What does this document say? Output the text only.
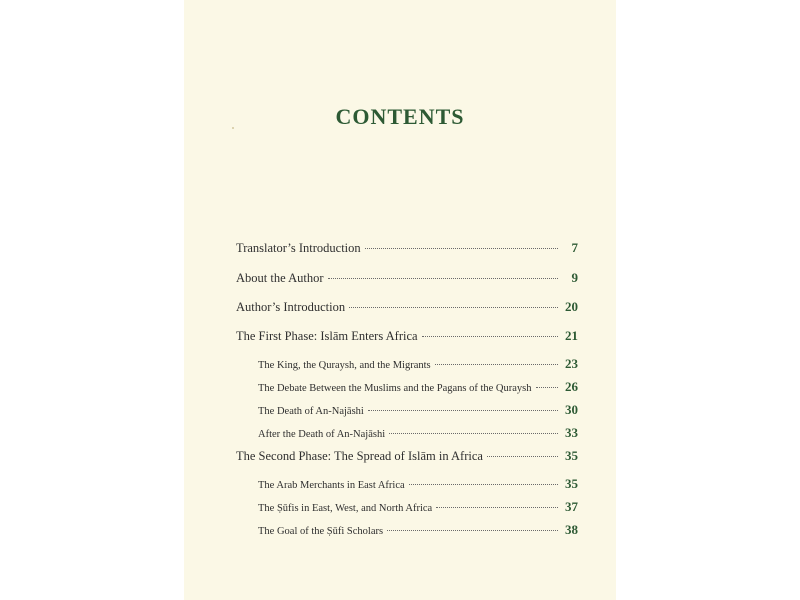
CONTENTS
Translator’s Introduction	7
About the Author	9
Author’s Introduction	20
The First Phase: Islām Enters Africa	21
The King, the Quraysh, and the Migrants	23
The Debate Between the Muslims and the Pagans of the Quraysh	26
The Death of An-Najāshi	30
After the Death of An-Najāshi	33
The Second Phase: The Spread of Islām in Africa	35
The Arab Merchants in East Africa	35
The Ṣūfis in East, West, and North Africa	37
The Goal of the Ṣūfi Scholars	38
